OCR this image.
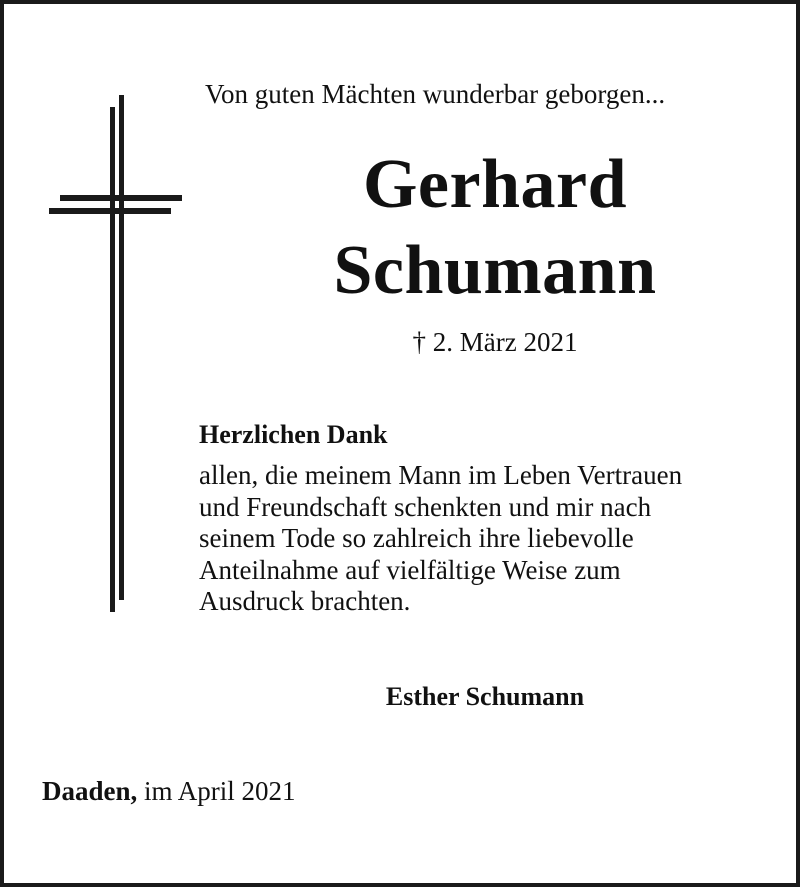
Von guten Mächten wunderbar geborgen...
Gerhard
Schumann
† 2. März 2021
Herzlichen Dank
allen, die meinem Mann im Leben Vertrauen
und Freundschaft schenkten und mir nach
seinem Tode so zahlreich ihre liebevolle
Anteilnahme auf vielfältige Weise zum
Ausdruck brachten.
Esther Schumann
Daaden, im April 2021
